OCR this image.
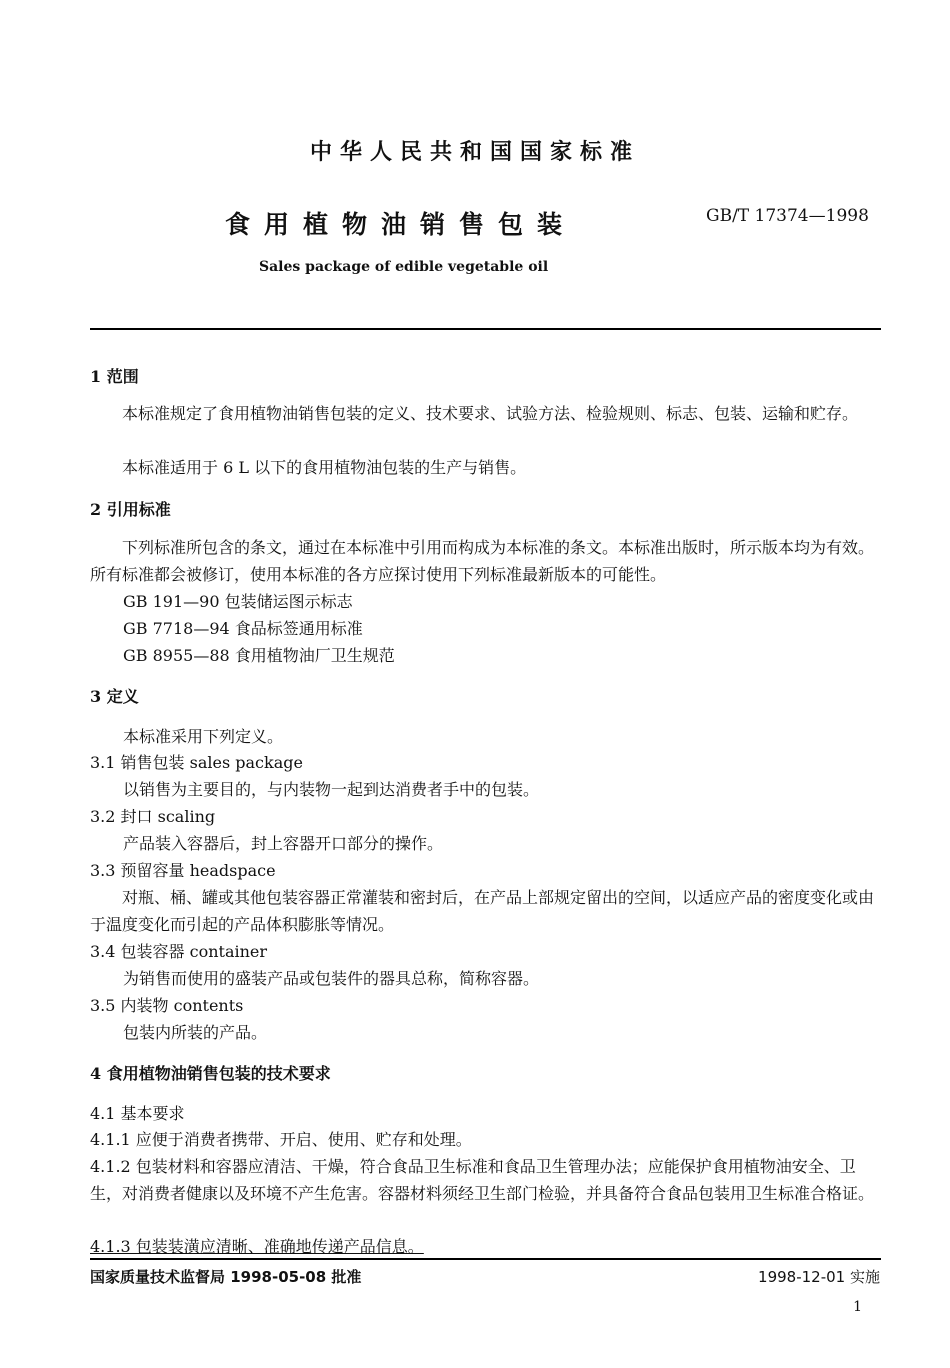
中华人民共和国国家标准
食用植物油销售包装	GB/T 17374—1998
Sales package of edible vegetable oil
1 范围
本标准规定了食用植物油销售包装的定义、技术要求、试验方法、检验规则、标志、包装、运输和贮存。
本标准适用于 6 L 以下的食用植物油包装的生产与销售。
2 引用标准
下列标准所包含的条文，通过在本标准中引用而构成为本标准的条文。本标准出版时，所示版本均为有效。所有标准都会被修订，使用本标准的各方应探讨使用下列标准最新版本的可能性。
GB 191—90 包装储运图示标志
GB 7718—94 食品标签通用标准
GB 8955—88 食用植物油厂卫生规范
3 定义
本标准采用下列定义。
3.1 销售包装 sales package
以销售为主要目的，与内装物一起到达消费者手中的包装。
3.2 封口 scaling
产品装入容器后，封上容器开口部分的操作。
3.3 预留容量 headspace
对瓶、桶、罐或其他包装容器正常灌装和密封后，在产品上部规定留出的空间，以适应产品的密度变化或由于温度变化而引起的产品体积膨胀等情况。
3.4 包装容器 container
为销售而使用的盛装产品或包装件的器具总称，简称容器。
3.5 内装物 contents
包装内所装的产品。
4 食用植物油销售包装的技术要求
4.1 基本要求
4.1.1 应便于消费者携带、开启、使用、贮存和处理。
4.1.2 包装材料和容器应清洁、干燥，符合食品卫生标准和食品卫生管理办法；应能保护食用植物油安全、卫生，对消费者健康以及环境不产生危害。容器材料须经卫生部门检验，并具备符合食品包装用卫生标准合格证。
4.1.3 包装装潢应清晰、准确地传递产品信息。
国家质量技术监督局 1998-05-08 批准	1998-12-01 实施
1
